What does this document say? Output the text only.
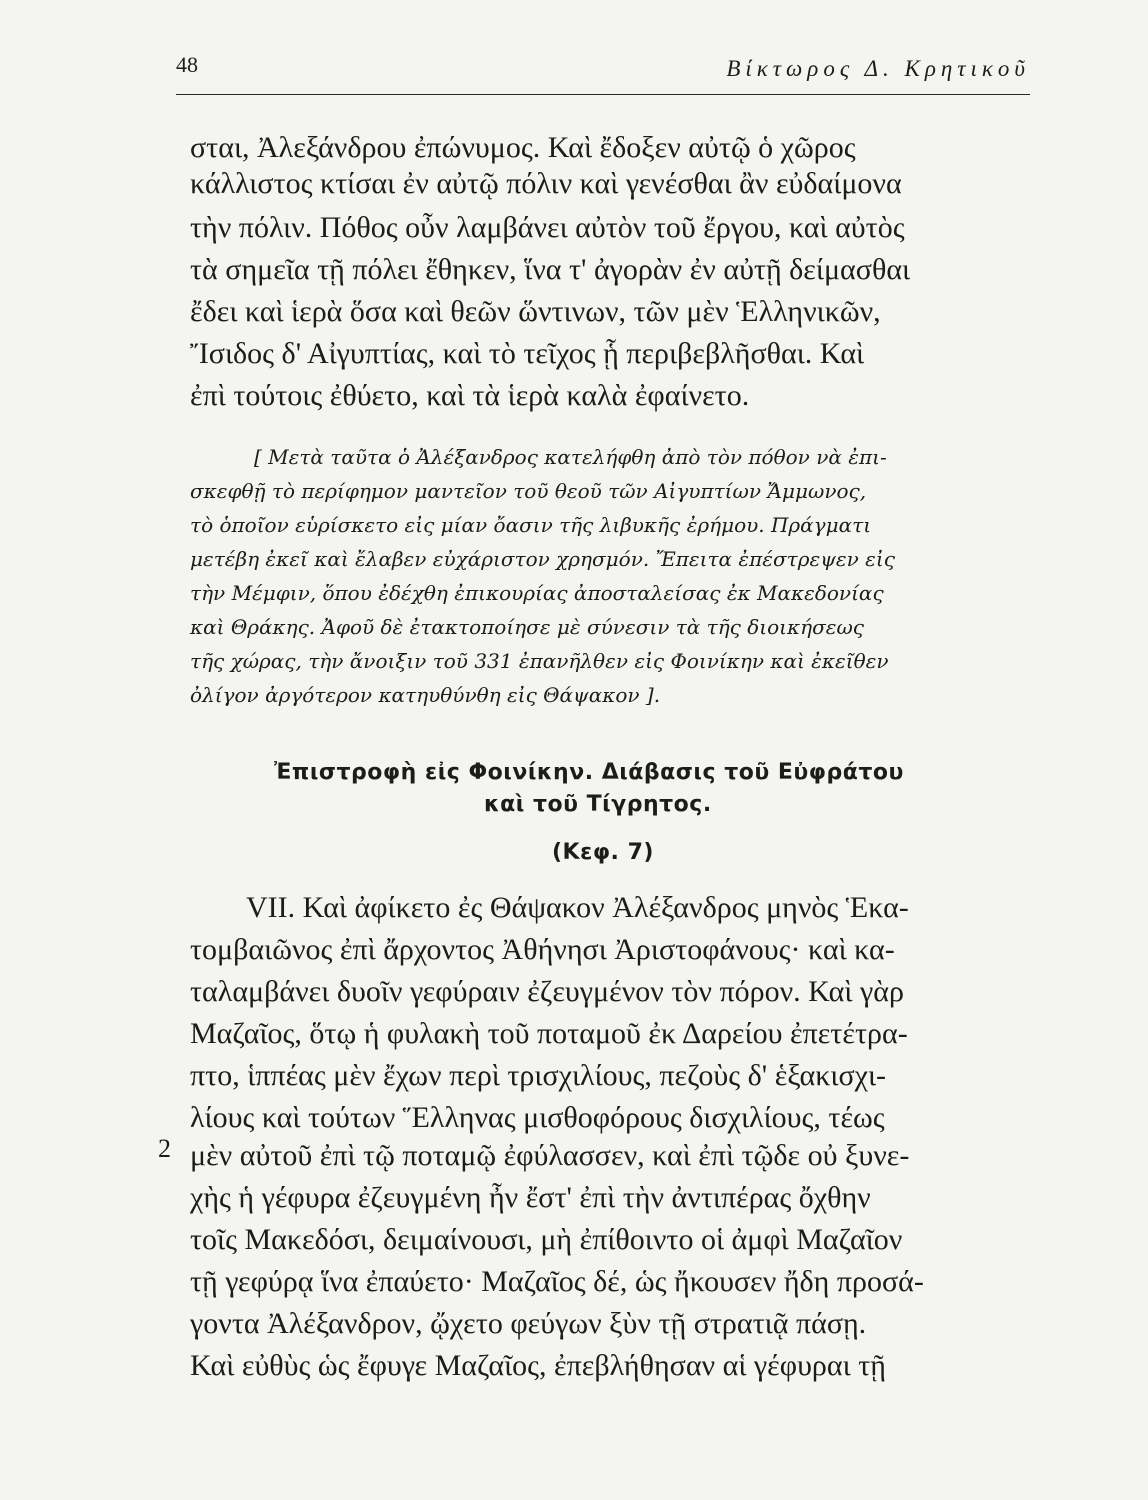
48	Βίκτωρος Δ. Κρητικοῦ
σται, Ἀλεξάνδρου ἐπώνυμος. Καὶ ἔδοξεν αὐτῷ ὁ χῶρος
κάλλιστος κτίσαι ἐν αὐτῷ πόλιν καὶ γενέσθαι ἂν εὐδαίμονα
τὴν πόλιν. Πόθος οὖν λαμβάνει αὐτὸν τοῦ ἔργου, καὶ αὐτὸς
τὰ σημεῖα τῇ πόλει ἔθηκεν, ἵνα τ' ἀγορὰν ἐν αὐτῇ δείμασθαι
ἔδει καὶ ἱερὰ ὅσα καὶ θεῶν ὥντινων, τῶν μὲν Ἑλληνικῶν,
Ἴσιδος δ' Αἰγυπτίας, καὶ τὸ τεῖχος ᾗ περιβεβλῆσθαι. Καὶ
ἐπὶ τούτοις ἐθύετο, καὶ τὰ ἱερὰ καλὰ ἐφαίνετο.
[ Μετὰ ταῦτα ὁ Ἀλέξανδρος κατελήφθη ἀπὸ τὸν πόθον νὰ ἐπι-
σκεφθῇ τὸ περίφημον μαντεῖον τοῦ θεοῦ τῶν Αἰγυπτίων Ἄμμωνος,
τὸ ὁποῖον εὑρίσκετο εἰς μίαν ὄασιν τῆς λιβυκῆς ἐρήμου. Πράγματι
μετέβη ἐκεῖ καὶ ἔλαβεν εὐχάριστον χρησμόν. Ἔπειτα ἐπέστρεψεν εἰς
τὴν Μέμφιν, ὅπου ἐδέχθη ἐπικουρίας ἀποσταλείσας ἐκ Μακεδονίας
καὶ Θράκης. Ἀφοῦ δὲ ἐτακτοποίησε μὲ σύνεσιν τὰ τῆς διοικήσεως
τῆς χώρας, τὴν ἄνοιξιν τοῦ 331 ἐπανῆλθεν εἰς Φοινίκην καὶ ἐκεῖθεν
ὀλίγον ἀργότερον κατηυθύνθη εἰς Θάψακον ].
Ἐπιστροφὴ εἰς Φοινίκην. Διάβασις τοῦ Εὐφράτου
καὶ τοῦ Τίγρητος.
(Κεφ. 7)
VII. Καὶ ἀφίκετο ἐς Θάψακον Ἀλέξανδρος μηνὸς Ἑκα-
τομβαιῶνος ἐπὶ ἄρχοντος Ἀθήνησι Ἀριστοφάνους· καὶ κα-
ταλαμβάνει δυοῖν γεφύραιν ἐζευγμένον τὸν πόρον. Καὶ γὰρ
Μαζαῖος, ὅτῳ ἡ φυλακὴ τοῦ ποταμοῦ ἐκ Δαρείου ἐπετέτρα-
πτο, ἱππέας μὲν ἔχων περὶ τρισχιλίους, πεζοὺς δ' ἑξακισχι-
λίους καὶ τούτων Ἕλληνας μισθοφόρους δισχιλίους, τέως
μὲν αὐτοῦ ἐπὶ τῷ ποταμῷ ἐφύλασσεν, καὶ ἐπὶ τῷδε οὐ ξυνε-
χὴς ἡ γέφυρα ἐζευγμένη ἦν ἔστ' ἐπὶ τὴν ἀντιπέρας ὄχθην
τοῖς Μακεδόσι, δειμαίνουσι, μὴ ἐπίθοιντο οἱ ἀμφὶ Μαζαῖον
τῇ γεφύρᾳ ἵνα ἐπαύετο· Μαζαῖος δέ, ὡς ἤκουσεν ἤδη προσά-
γοντα Ἀλέξανδρον, ᾤχετο φεύγων ξὺν τῇ στρατιᾷ πάσῃ.
Καὶ εὐθὺς ὡς ἔφυγε Μαζαῖος, ἐπεβλήθησαν αἱ γέφυραι τῇ
2
